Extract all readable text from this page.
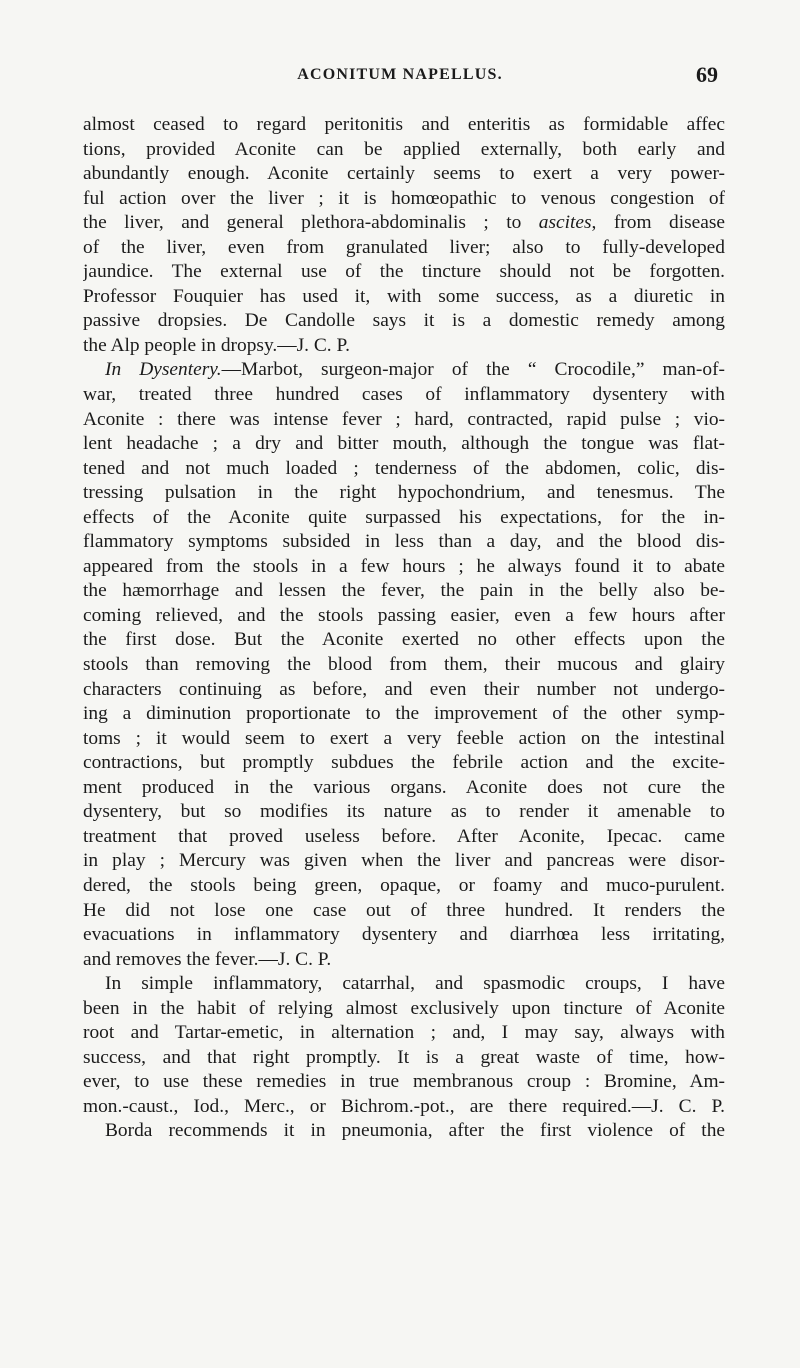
ACONITUM NAPELLUS.	69
almost ceased to regard peritonitis and enteritis as formidable affec
tions, provided Aconite can be applied externally, both early and
abundantly enough. Aconite certainly seems to exert a very power-
ful action over the liver ; it is homœopathic to venous congestion of
the liver, and general plethora-abdominalis ; to ascites, from disease
of the liver, even from granulated liver; also to fully-developed
jaundice. The external use of the tincture should not be forgotten.
Professor Fouquier has used it, with some success, as a diuretic in
passive dropsies. De Candolle says it is a domestic remedy among
the Alp people in dropsy.—J. C. P.
In Dysentery.—Marbot, surgeon-major of the “ Crocodile,” man-of-
war, treated three hundred cases of inflammatory dysentery with
Aconite : there was intense fever ; hard, contracted, rapid pulse ; vio-
lent headache ; a dry and bitter mouth, although the tongue was flat-
tened and not much loaded ; tenderness of the abdomen, colic, dis-
tressing pulsation in the right hypochondrium, and tenesmus. The
effects of the Aconite quite surpassed his expectations, for the in-
flammatory symptoms subsided in less than a day, and the blood dis-
appeared from the stools in a few hours ; he always found it to abate
the hæmorrhage and lessen the fever, the pain in the belly also be-
coming relieved, and the stools passing easier, even a few hours after
the first dose. But the Aconite exerted no other effects upon the
stools than removing the blood from them, their mucous and glairy
characters continuing as before, and even their number not undergo-
ing a diminution proportionate to the improvement of the other symp-
toms ; it would seem to exert a very feeble action on the intestinal
contractions, but promptly subdues the febrile action and the excite-
ment produced in the various organs. Aconite does not cure the
dysentery, but so modifies its nature as to render it amenable to
treatment that proved useless before. After Aconite, Ipecac. came
in play ; Mercury was given when the liver and pancreas were disor-
dered, the stools being green, opaque, or foamy and muco-purulent.
He did not lose one case out of three hundred. It renders the
evacuations in inflammatory dysentery and diarrhœa less irritating,
and removes the fever.—J. C. P.
In simple inflammatory, catarrhal, and spasmodic croups, I have
been in the habit of relying almost exclusively upon tincture of Aconite
root and Tartar-emetic, in alternation ; and, I may say, always with
success, and that right promptly. It is a great waste of time, how-
ever, to use these remedies in true membranous croup : Bromine, Am-
mon.-caust., Iod., Merc., or Bichrom.-pot., are there required.—J. C. P.
Borda recommends it in pneumonia, after the first violence of the
